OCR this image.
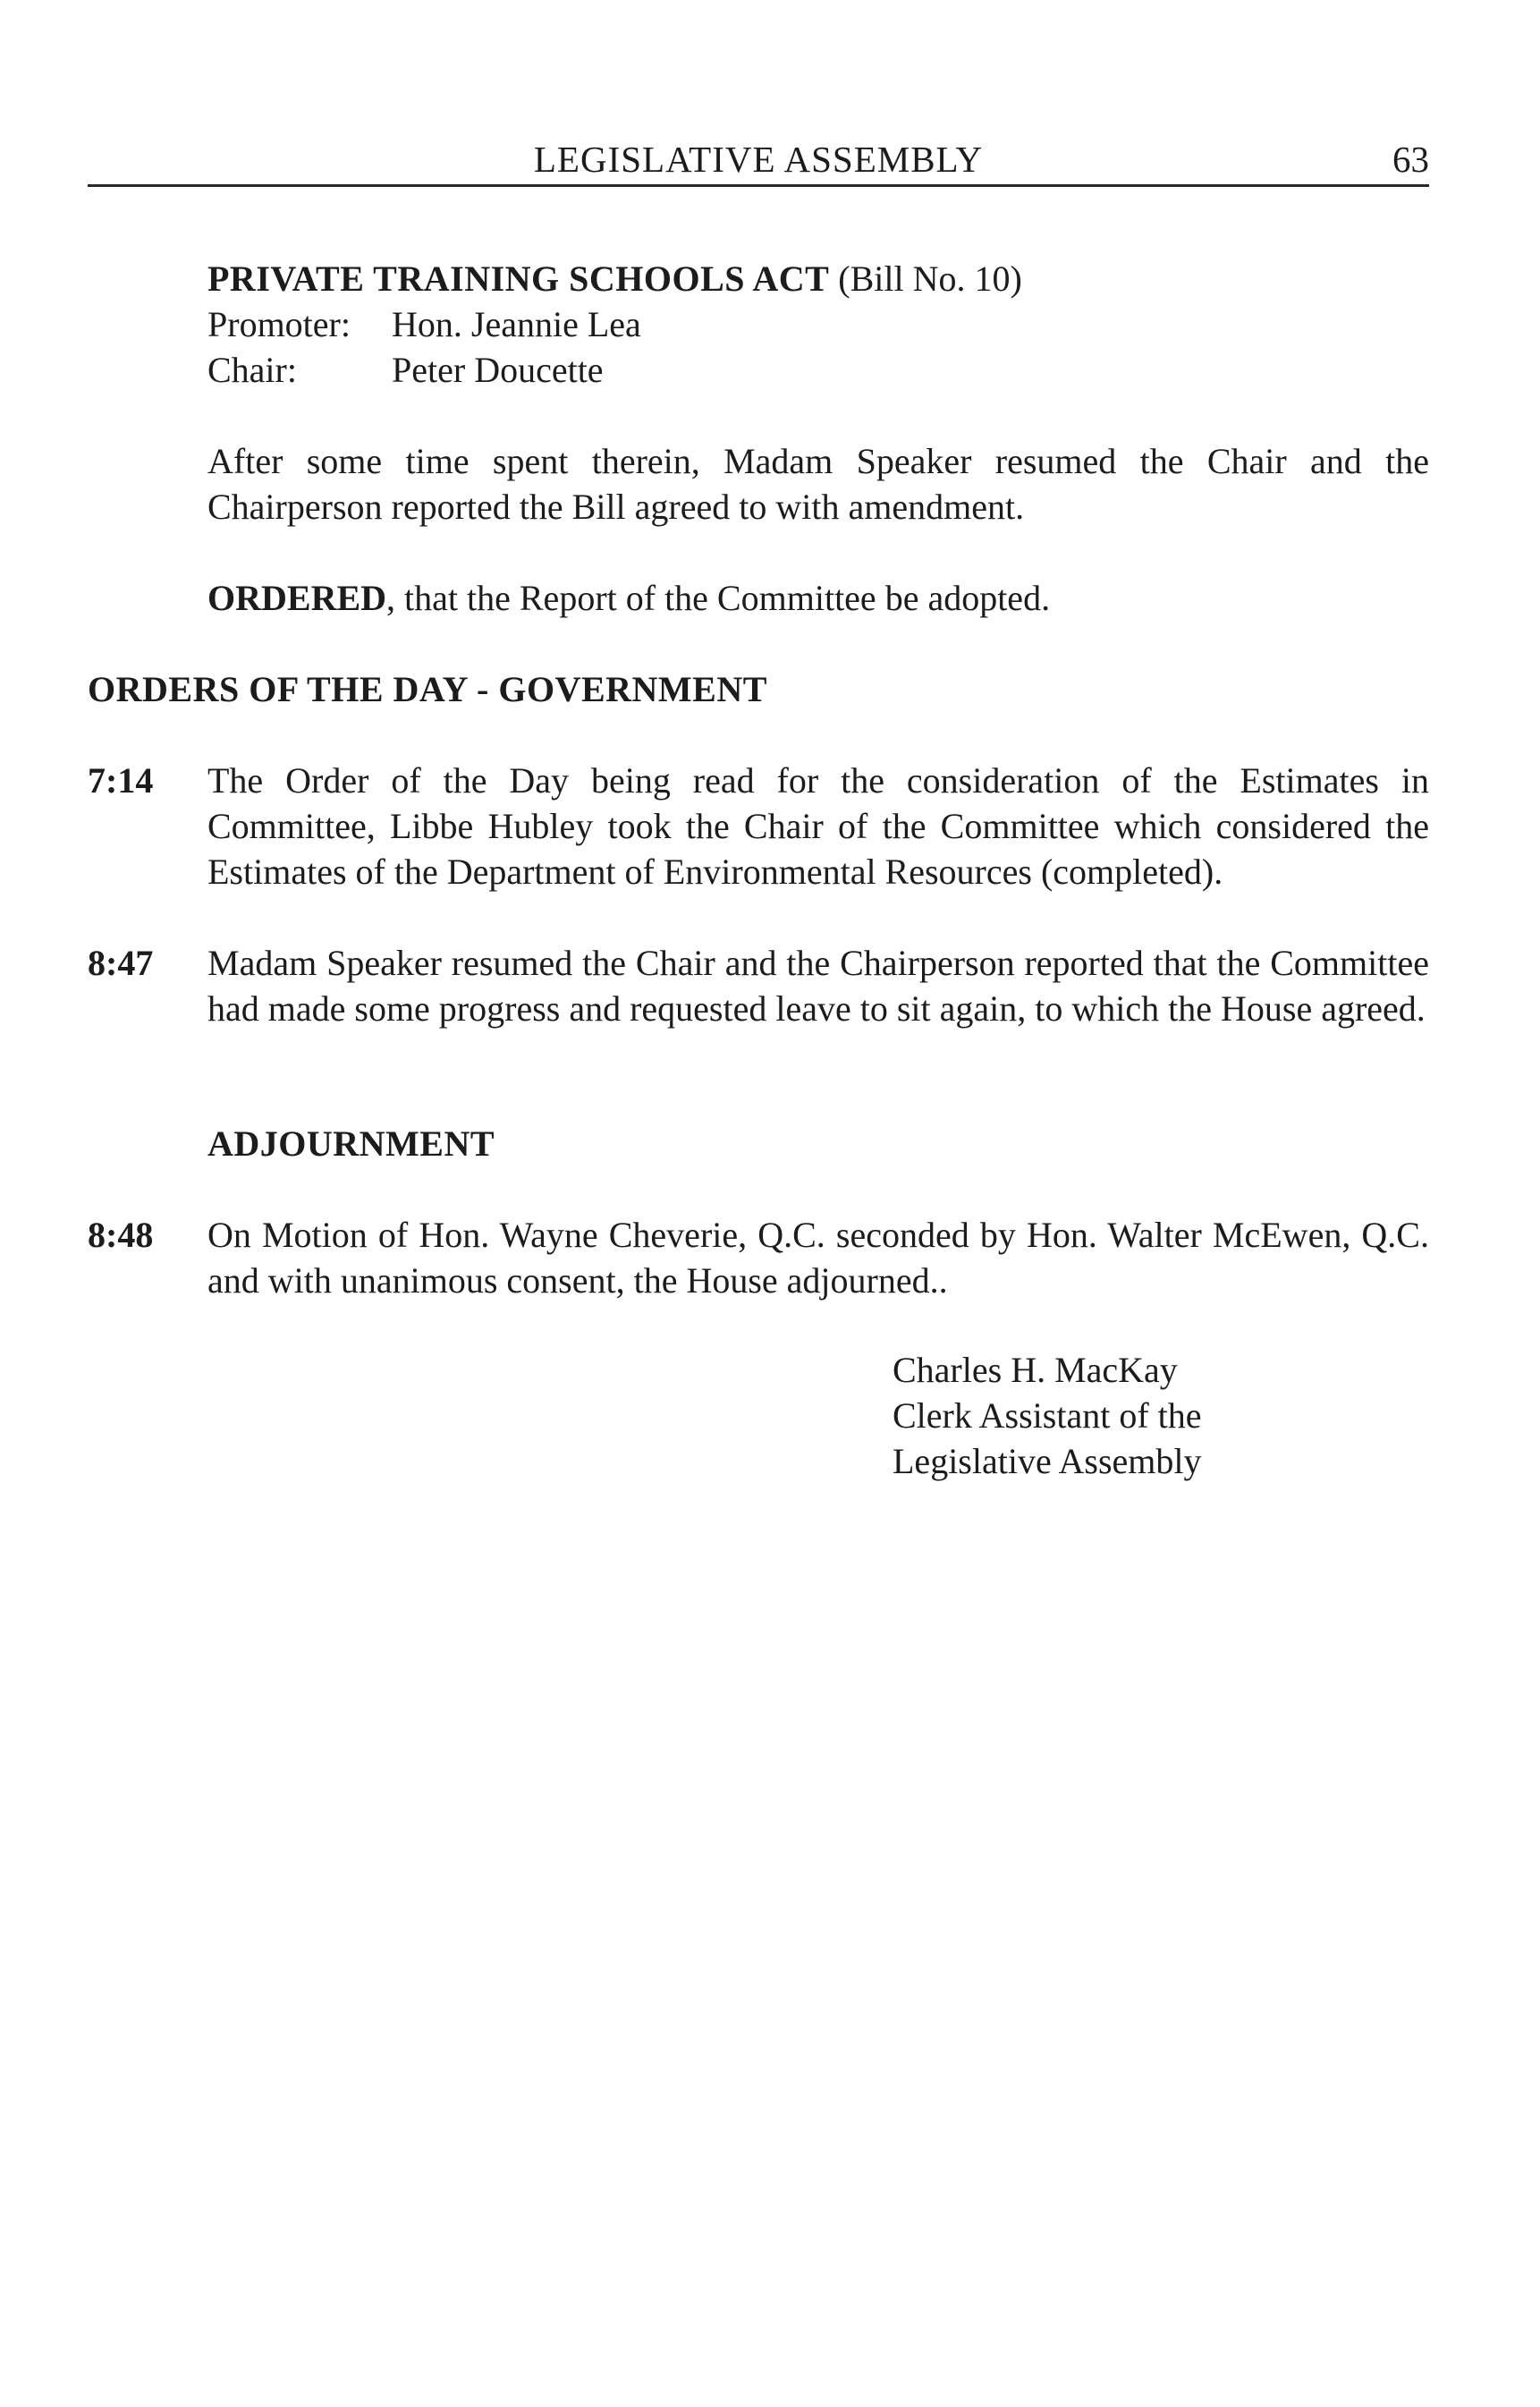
LEGISLATIVE ASSEMBLY	63
PRIVATE TRAINING SCHOOLS ACT (Bill No. 10)
Promoter: Hon. Jeannie Lea
Chair:	Peter Doucette
After some time spent therein, Madam Speaker resumed the Chair and the Chairperson reported the Bill agreed to with amendment.
ORDERED, that the Report of the Committee be adopted.
ORDERS OF THE DAY - GOVERNMENT
7:14 The Order of the Day being read for the consideration of the Estimates in Committee, Libbe Hubley took the Chair of the Committee which considered the Estimates of the Department of Environmental Resources (completed).
8:47 Madam Speaker resumed the Chair and the Chairperson reported that the Committee had made some progress and requested leave to sit again, to which the House agreed.
ADJOURNMENT
8:48 On Motion of Hon. Wayne Cheverie, Q.C. seconded by Hon. Walter McEwen, Q.C. and with unanimous consent, the House adjourned..
Charles H. MacKay
Clerk Assistant of the
Legislative Assembly
